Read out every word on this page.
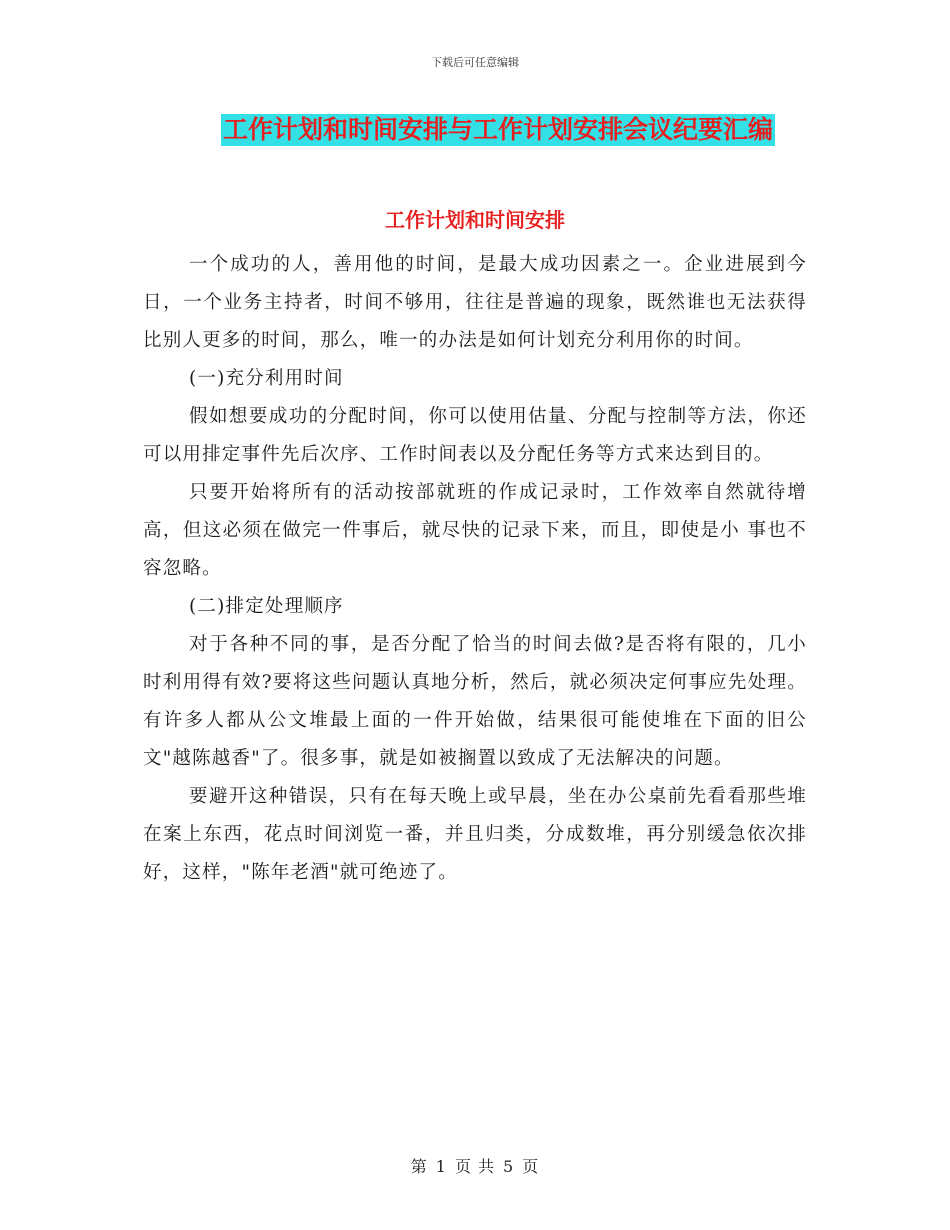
下载后可任意编辑
工作计划和时间安排与工作计划安排会议纪要汇编
工作计划和时间安排

一个成功的人，善用他的时间，是最大成功因素之一。企业进展到今日，一个业务主持者，时间不够用，往往是普遍的现象，既然谁也无法获得比别人更多的时间，那么，唯一的办法是如何计划充分利用你的时间。

(一)充分利用时间

假如想要成功的分配时间，你可以使用估量、分配与控制等方法，你还可以用排定事件先后次序、工作时间表以及分配任务等方式来达到目的。

只要开始将所有的活动按部就班的作成记录时，工作效率自然就待增高，但这必须在做完一件事后，就尽快的记录下来，而且，即使是小 事也不容忽略。

(二)排定处理顺序

对于各种不同的事，是否分配了恰当的时间去做?是否将有限的，几小时利用得有效?要将这些问题认真地分析，然后，就必须决定何事应先处理。有许多人都从公文堆最上面的一件开始做，结果很可能使堆在下面的旧公文"越陈越香"了。很多事，就是如被搁置以致成了无法解决的问题。

要避开这种错误，只有在每天晚上或早晨，坐在办公桌前先看看那些堆在案上东西，花点时间浏览一番，并且归类，分成数堆，再分别缓急依次排好，这样，"陈年老酒"就可绝迹了。

第 1 页 共 5 页
